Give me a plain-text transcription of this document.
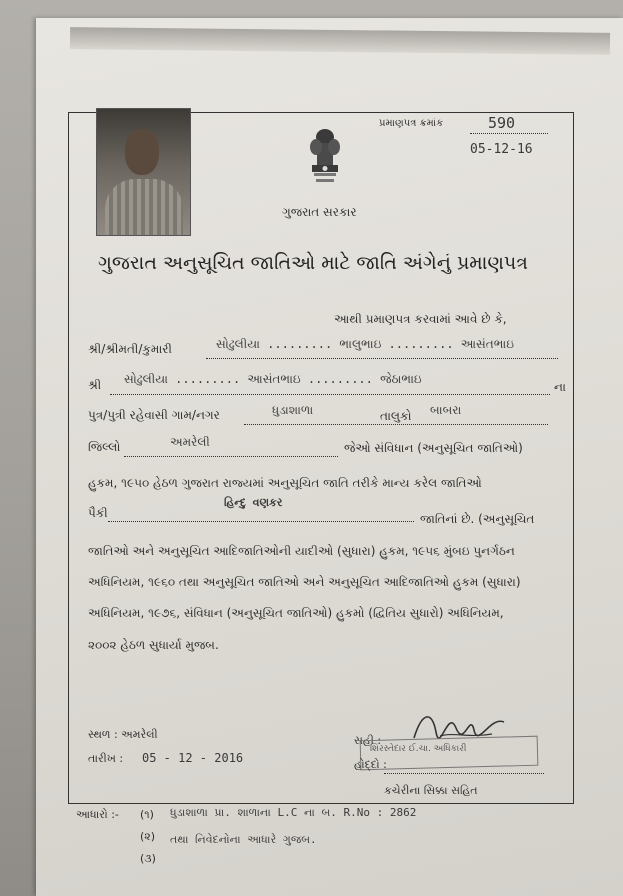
પ્રમાણપત્ર ક્રમાંક	590
05-12-16
ગુજરાત સરકાર
ગુજરાત અનુસૂચિત જાતિઓ માટે જાતિ અંગેનું પ્રમાણપત્ર
આથી પ્રમાણપત્ર કરવામાં આવે છે કે,
શ્રી/શ્રીમતી/કુમારી	સોઢુલીયા ......... ભાલુભાઇ ......... આસંતભાઇ
શ્રી સોઢુલીયા ......... આસંતભાઇ ......... જેઠાભાઇ
ના
પુત્ર/પુત્રી રહેવાસી ગામ/નગર	ધુડાશાળા	તાલુકો બાબરા
જિલ્લો	અમરેલી	જેઓ સંવિધાન (અનુસૂચિત જાતિઓ)
હુકમ, ૧૯૫૦ હેઠળ ગુજરાત રાજ્યમાં અનુસૂચિત જાતિ તરીકે માન્ય કરેલ જાતિઓ
હિન્દુ વણકર
પૈકી	જાતિનાં છે. (અનુસૂચિત
જાતિઓ અને અનુસૂચિત આદિજાતિઓની યાદીઓ (સુધારા) હુકમ, ૧૯૫૬ મુંબઇ પુનર્ગઠન
અધિનિયમ, ૧૯૬૦ તથા અનુસૂચિત જાતિઓ અને અનુસૂચિત આદિજાતિઓ હુકમ (સુધારા)
અધિનિયમ, ૧૯૭૬, સંવિધાન (અનુસૂચિત જાતિઓ) હુકમો (દ્વિતિય સુધારો) અધિનિયમ,
૨૦૦૨ હેઠળ સુધાર્યા મુજબ.
સ્થળ : અમરેલી
તારીખ : 05 - 12 - 2016
સહી :
શિરસ્તેદાર ઈ.ચા. અધિકારી
હોદ્દો :
કચેરીના સિક્કા સહિત
આધારો :- (૧) ધુડાશાળા પ્રા. શાળાના L.C ના બ. R.No : 2862
(૨) તથા નિવેદનોના આધારે ગુજબ.
(૩)
